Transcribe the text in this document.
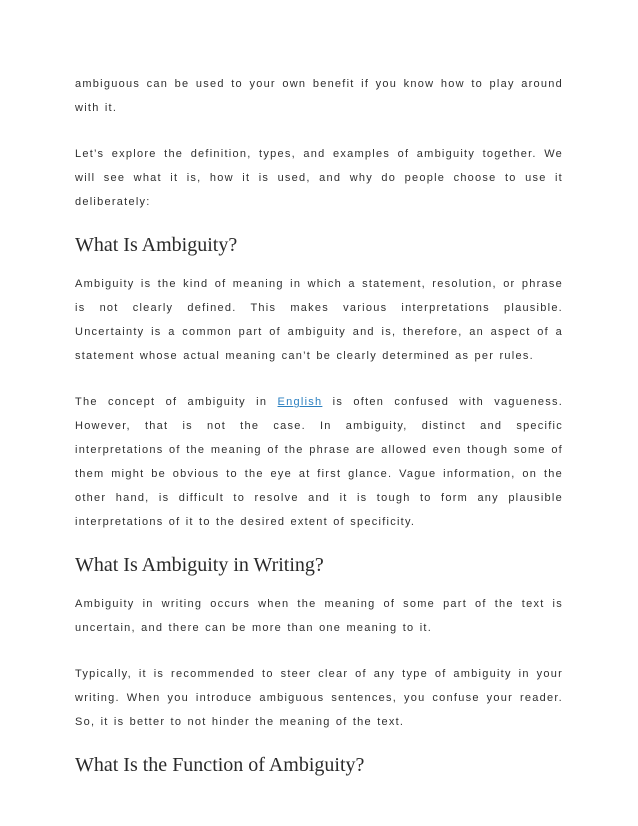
ambiguous can be used to your own benefit if you know how to play around with it.

Let’s explore the definition, types, and examples of ambiguity together. We will see what it is, how it is used, and why do people choose to use it deliberately:

What Is Ambiguity?

Ambiguity is the kind of meaning in which a statement, resolution, or phrase is not clearly defined. This makes various interpretations plausible. Uncertainty is a common part of ambiguity and is, therefore, an aspect of a statement whose actual meaning can’t be clearly determined as per rules.

The concept of ambiguity in English is often confused with vagueness. However, that is not the case. In ambiguity, distinct and specific interpretations of the meaning of the phrase are allowed even though some of them might be obvious to the eye at first glance. Vague information, on the other hand, is difficult to resolve and it is tough to form any plausible interpretations of it to the desired extent of specificity.

What Is Ambiguity in Writing?

Ambiguity in writing occurs when the meaning of some part of the text is uncertain, and there can be more than one meaning to it.

Typically, it is recommended to steer clear of any type of ambiguity in your writing. When you introduce ambiguous sentences, you confuse your reader. So, it is better to not hinder the meaning of the text.

What Is the Function of Ambiguity?
